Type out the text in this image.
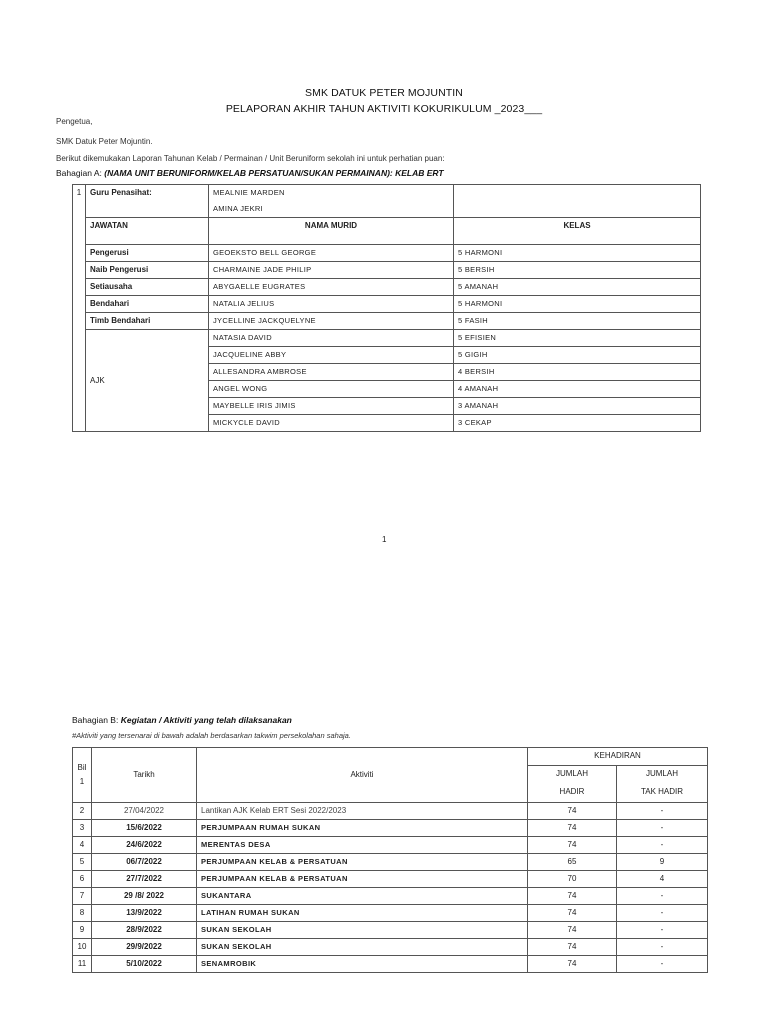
SMK DATUK PETER MOJUNTIN
PELAPORAN AKHIR TAHUN AKTIVITI KOKURIKULUM _2023___
Pengetua,
SMK Datuk Peter Mojuntin.
Berikut dikemukakan Laporan Tahunan Kelab / Permainan / Unit Beruniform sekolah ini untuk perhatian puan:
Bahagian A: (NAMA UNIT BERUNIFORM/KELAB PERSATUAN/SUKAN PERMAINAN): KELAB ERT
1	Guru Penasihat:	MEALNIE MARDEN	
		AMINA JEKRI	
	JAWATAN	NAMA MURID	KELAS
	Pengerusi	GEOEKSTO BELL GEORGE	5 HARMONI
	Naib Pengerusi	CHARMAINE JADE PHILIP	5 BERSIH
	Setiausaha	ABYGAELLE EUGRATES	5 AMANAH
	Bendahari	NATALIA JELIUS	5 HARMONI
	Timb Bendahari	JYCELLINE JACKQUELYNE	5 FASIH
	AJK	NATASIA DAVID	5 EFISIEN
		JACQUELINE ABBY	5 GIGIH
		ALLESANDRA AMBROSE	4 BERSIH
		ANGEL WONG	4 AMANAH
		MAYBELLE IRIS JIMIS	3 AMANAH
		MICKYCLE DAVID	3 CEKAP
1
Bahagian B: Kegiatan / Aktiviti yang telah dilaksanakan
#Aktiviti yang tersenarai di bawah adalah berdasarkan takwim persekolahan sahaja.
Bil
1	Tarikh	Aktiviti	KEHADIRAN	
			JUMLAH	JUMLAH
			HADIR	TAK HADIR
2	27/04/2022	Lantikan AJK Kelab ERT Sesi 2022/2023	74	-
3	15/6/2022	PERJUMPAAN RUMAH SUKAN	74	-
4	24/6/2022	MERENTAS DESA	74	-
5	06/7/2022	PERJUMPAAN KELAB & PERSATUAN	65	9
6	27/7/2022	PERJUMPAAN KELAB & PERSATUAN	70	4
7	29 /8/ 2022	SUKANTARA	74	-
8	13/9/2022	LATIHAN RUMAH SUKAN	74	-
9	28/9/2022	SUKAN SEKOLAH	74	-
10	29/9/2022	SUKAN SEKOLAH	74	-
11	5/10/2022	SENAMROBIK	74	-
